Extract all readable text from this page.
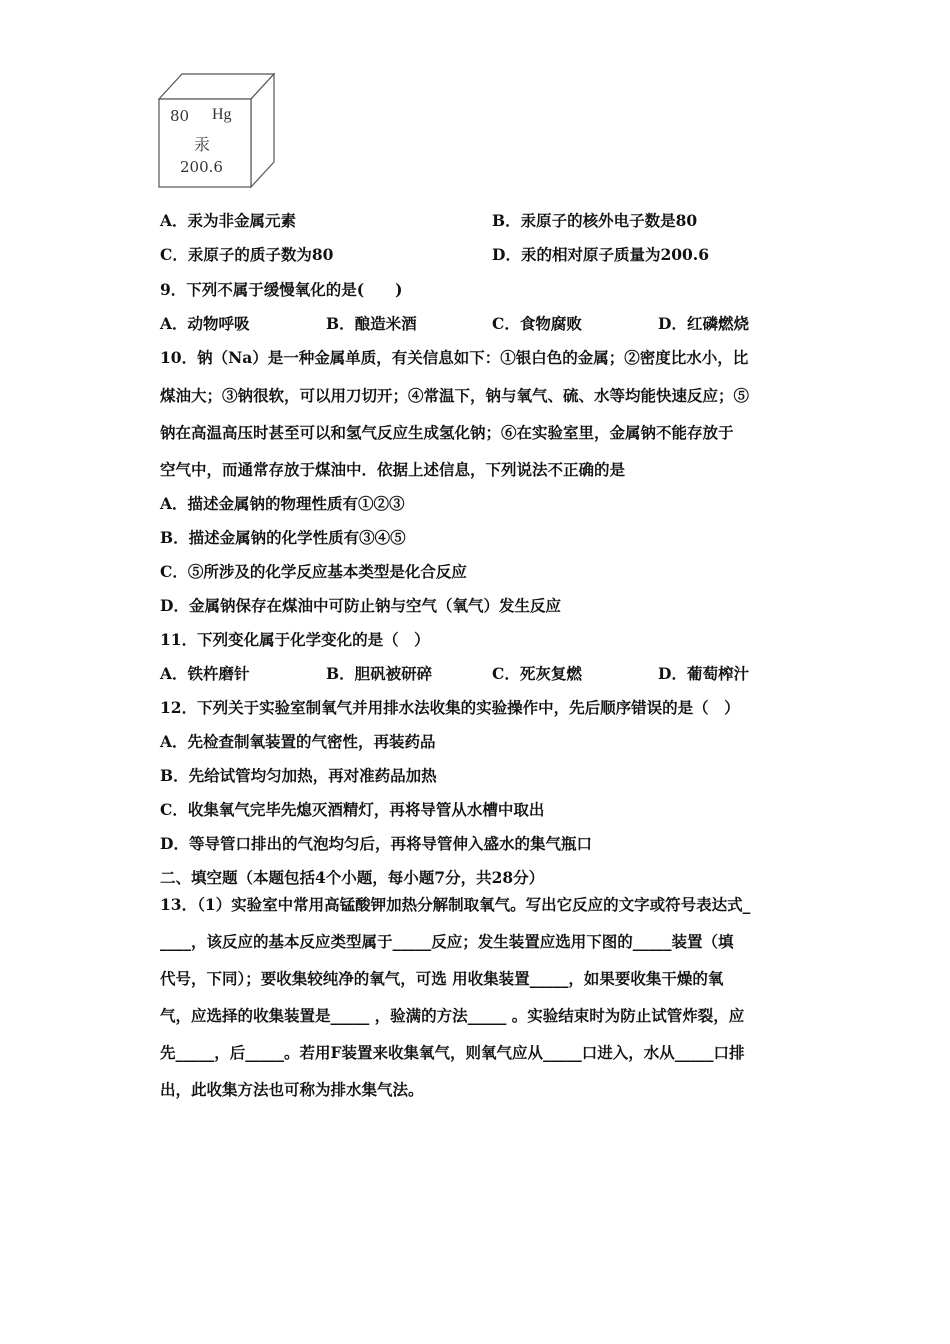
80 Hg
汞
200.6
A．汞为非金属元素	B．汞原子的核外电子数是80
C．汞原子的质子数为80	D．汞的相对原子质量为200.6
9．下列不属于缓慢氧化的是(　　)
A．动物呼吸	B．酿造米酒	C．食物腐败	D．红磷燃烧
10．钠（Na）是一种金属单质，有关信息如下：①银白色的金属；②密度比水小，比
煤油大；③钠很软，可以用刀切开；④常温下，钠与氧气、硫、水等均能快速反应；⑤
钠在高温高压时甚至可以和氢气反应生成氢化钠；⑥在实验室里，金属钠不能存放于
空气中，而通常存放于煤油中．依据上述信息，下列说法不正确的是
A．描述金属钠的物理性质有①②③
B．描述金属钠的化学性质有③④⑤
C．⑤所涉及的化学反应基本类型是化合反应
D．金属钠保存在煤油中可防止钠与空气（氧气）发生反应
11．下列变化属于化学变化的是（　）
A．铁杵磨针	B．胆矾被研碎	C．死灰复燃	D．葡萄榨汁
12．下列关于实验室制氧气并用排水法收集的实验操作中，先后顺序错误的是（　）
A．先检查制氧装置的气密性，再装药品
B．先给试管均匀加热，再对准药品加热
C．收集氧气完毕先熄灭酒精灯，再将导管从水槽中取出
D．等导管口排出的气泡均匀后，再将导管伸入盛水的集气瓶口
二、填空题（本题包括4个小题，每小题7分，共28分）
13．（1）实验室中常用高锰酸钾加热分解制取氧气。写出它反应的文字或符号表达式_
____，该反应的基本反应类型属于_____反应；发生装置应选用下图的_____装置（填
代号，下同）；要收集较纯净的氧气，可选 用收集装置_____，如果要收集干燥的氧
气，应选择的收集装置是_____ ，验满的方法_____ 。实验结束时为防止试管炸裂，应
先_____，后_____。若用F装置来收集氧气，则氧气应从_____口进入，水从_____口排
出，此收集方法也可称为排水集气法。
